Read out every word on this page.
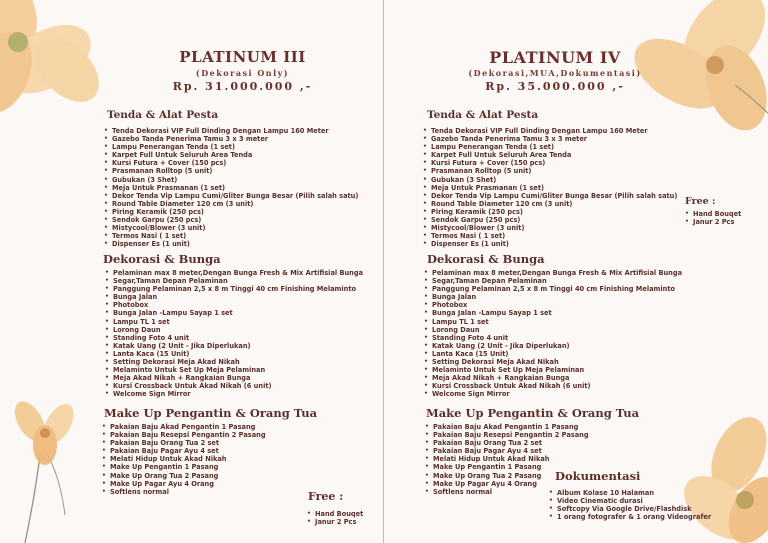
PLATINUM III
(Dekorasi Only)
Rp. 31.000.000 ,-
Tenda & Alat Pesta
• Tenda Dekorasi VIP Full Dinding Dengan Lampu 160 Meter
• Gazebo Tanda Penerima Tamu 3 x 3 meter
• Lampu Penerangan Tenda (1 set)
• Karpet Full Untuk Seluruh Area Tenda
• Kursi Futura + Cover (150 pcs)
• Prasmanan Rolltop (5 unit)
• Gubukan (3 Shet)
• Meja Untuk Prasmanan (1 set)
• Dekor Tenda Vip Lampu Cumi/Gliter Bunga Besar (Pilih salah satu)
• Round Table Diameter 120 cm (3 unit)
• Piring Keramik (250 pcs)
• Sendok Garpu (250 pcs)
• Mistycool/Blower (3 unit)
• Termos Nasi ( 1 set)
• Dispenser Es (1 unit)
Dekorasi & Bunga
• Pelaminan max 8 meter,Dengan Bunga Fresh & Mix Artifisial Bunga
• Segar,Taman Depan Pelaminan
• Panggung Pelaminan 2,5 x 8 m Tinggi 40 cm Finishing Melaminto
• Bunga Jalan
• Photobox
• Bunga Jalan -Lampu Sayap 1 set
• Lampu TL 1 set
• Lorong Daun
• Standing Foto 4 unit
• Katak Uang (2 Unit - Jika Diperlukan)
• Lanta Kaca (15 Unit)
• Setting Dekorasi Meja Akad Nikah
• Melaminto Untuk Set Up Meja Pelaminan
• Meja Akad Nikah + Rangkaian Bunga
• Kursi Crossback Untuk Akad Nikah (6 unit)
• Welcome Sign Mirror
Make Up Pengantin & Orang Tua
• Pakaian Baju Akad Pengantin 1 Pasang
• Pakaian Baju Resepsi Pengantin 2 Pasang
• Pakaian Baju Orang Tua 2 set
• Pakaian Baju Pagar Ayu 4 set
• Melati Hidup Untuk Akad Nikah
• Make Up Pengantin 1 Pasang
• Make Up Orang Tua 2 Pasang
• Make Up Pagar Ayu 4 Orang
• Softlens normal	Free :
• Hand Bouqet
• Janur 2 Pcs
PLATINUM IV
(Dekorasi,MUA,Dokumentasi)
Rp. 35.000.000 ,-
Tenda & Alat Pesta
• Tenda Dekorasi VIP Full Dinding Dengan Lampu 160 Meter
• Gazebo Tanda Penerima Tamu 3 x 3 meter
• Lampu Penerangan Tenda (1 set)
• Karpet Full Untuk Seluruh Area Tenda
• Kursi Futura + Cover (150 pcs)
• Prasmanan Rolltop (5 unit)
• Gubukan (3 Shet)
• Meja Untuk Prasmanan (1 set)
• Dekor Tenda Vip Lampu Cumi/Gliter Bunga Besar (Pilih salah satu)
• Round Table Diameter 120 cm (3 unit)
• Piring Keramik (250 pcs)
• Sendok Garpu (250 pcs)
• Mistycool/Blower (3 unit)
• Termos Nasi ( 1 set)
• Dispenser Es (1 unit)
Free :
• Hand Bouqet
• Janur 2 Pcs
Dekorasi & Bunga
• Pelaminan max 8 meter,Dengan Bunga Fresh & Mix Artifisial Bunga
• Segar,Taman Depan Pelaminan
• Panggung Pelaminan 2,5 x 8 m Tinggi 40 cm Finishing Melaminto
• Bunga Jalan
• Photobox
• Bunga Jalan -Lampu Sayap 1 set
• Lampu TL 1 set
• Lorong Daun
• Standing Foto 4 unit
• Katak Uang (2 Unit - Jika Diperlukan)
• Lanta Kaca (15 Unit)
• Setting Dekorasi Meja Akad Nikah
• Melaminto Untuk Set Up Meja Pelaminan
• Meja Akad Nikah + Rangkaian Bunga
• Kursi Crossback Untuk Akad Nikah (6 unit)
• Welcome Sign Mirror
Make Up Pengantin & Orang Tua
• Pakaian Baju Akad Pengantin 1 Pasang
• Pakaian Baju Resepsi Pengantin 2 Pasang
• Pakaian Baju Orang Tua 2 set
• Pakaian Baju Pagar Ayu 4 set
• Melati Hidup Untuk Akad Nikah
• Make Up Pengantin 1 Pasang
• Make Up Orang Tua 2 Pasang
• Make Up Pagar Ayu 4 Orang
• Softlens normal
Dokumentasi
• Album Kolase 10 Halaman
• Video Cinematic durasi
• Softcopy Via Google Drive/Flashdisk
• 1 orang fotografer & 1 orang Videografer
